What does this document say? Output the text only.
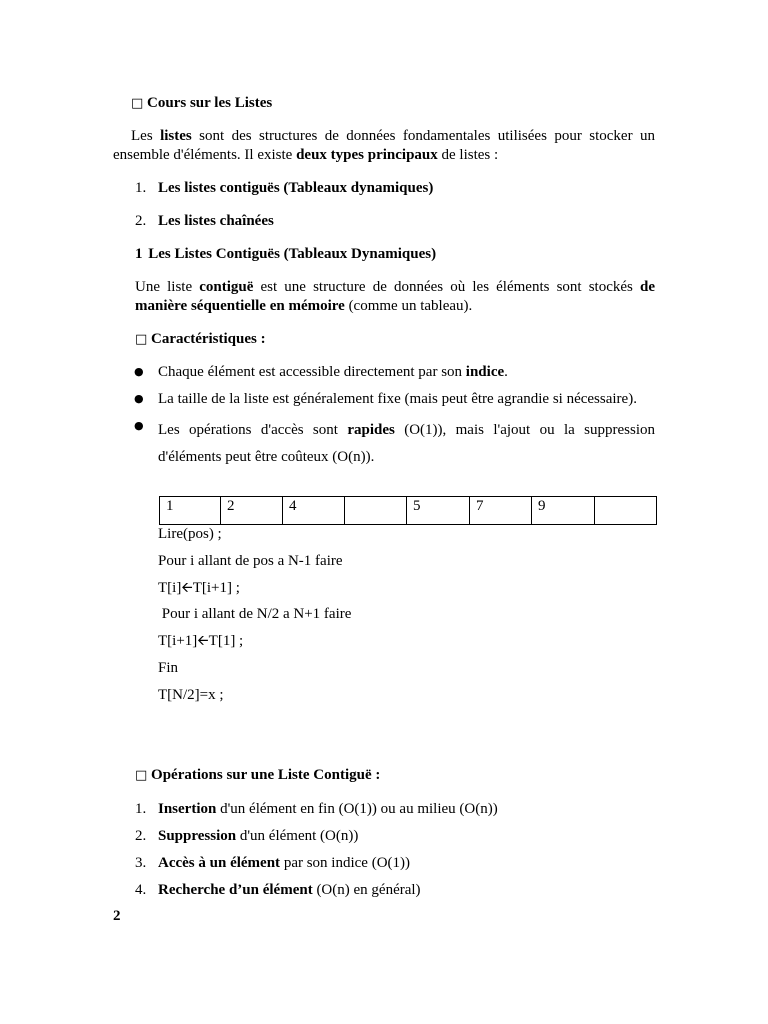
□ Cours sur les Listes
Les listes sont des structures de données fondamentales utilisées pour stocker un
ensemble d'éléments. Il existe deux types principaux de listes :
1. Les listes contiguës (Tableaux dynamiques)
2. Les listes chaînées
1 Les Listes Contiguës (Tableaux Dynamiques)
Une liste contiguë est une structure de données où les éléments sont stockés de
manière séquentielle en mémoire (comme un tableau).
□ Caractéristiques :
● Chaque élément est accessible directement par son indice.
● La taille de la liste est généralement fixe (mais peut être agrandie si nécessaire).
● Les opérations d'accès sont rapides (O(1)), mais l'ajout ou la suppression
d'éléments peut être coûteux (O(n)).
1	2	4		5	7	9	
Lire(pos) ;
Pour i allant de pos a N-1 faire
T[i]🡨T[i+1] ;
Pour i allant de N/2 a N+1 faire
T[i+1]🡨T[1] ;
Fin
T[N/2]=x ;
□ Opérations sur une Liste Contiguë :
1. Insertion d'un élément en fin (O(1)) ou au milieu (O(n))
2. Suppression d'un élément (O(n))
3. Accès à un élément par son indice (O(1))
4. Recherche d’un élément (O(n) en général)
2
